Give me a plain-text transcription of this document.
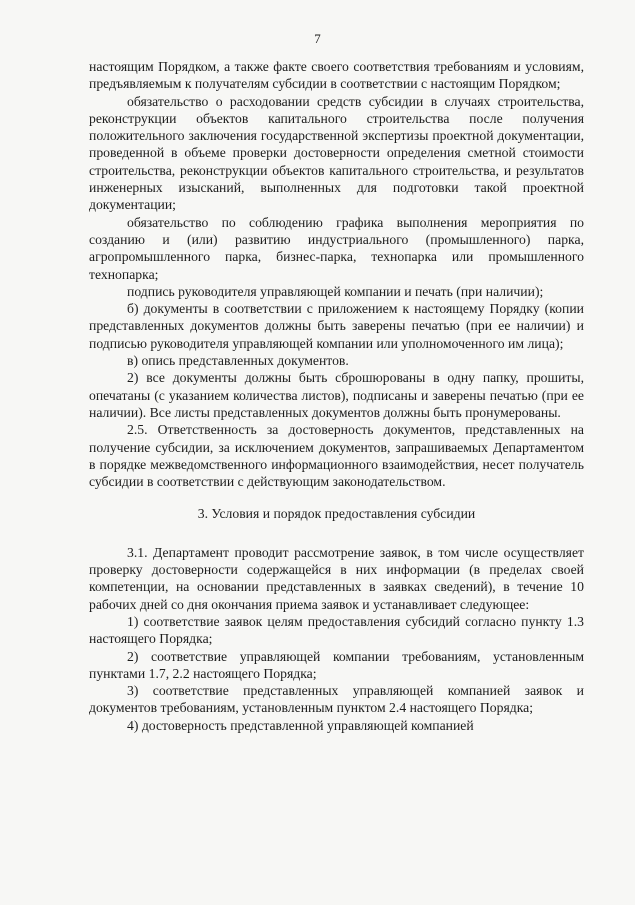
7

настоящим Порядком, а также факте своего соответствия требованиям и условиям, предъявляемым к получателям субсидии в соответствии с настоящим Порядком;

обязательство о расходовании средств субсидии в случаях строительства, реконструкции объектов капитального строительства после получения положительного заключения государственной экспертизы проектной документации, проведенной в объеме проверки достоверности определения сметной стоимости строительства, реконструкции объектов капитального строительства, и результатов инженерных изысканий, выполненных для подготовки такой проектной документации;

обязательство по соблюдению графика выполнения мероприятия по созданию и (или) развитию индустриального (промышленного) парка, агропромышленного парка, бизнес-парка, технопарка или промышленного технопарка;

подпись руководителя управляющей компании и печать (при наличии);

б) документы в соответствии с приложением к настоящему Порядку (копии представленных документов должны быть заверены печатью (при ее наличии) и подписью руководителя управляющей компании или уполномоченного им лица);

в) опись представленных документов.

2) все документы должны быть сброшюрованы в одну папку, прошиты, опечатаны (с указанием количества листов), подписаны и заверены печатью (при ее наличии). Все листы представленных документов должны быть пронумерованы.

2.5. Ответственность за достоверность документов, представленных на получение субсидии, за исключением документов, запрашиваемых Департаментом в порядке межведомственного информационного взаимодействия, несет получатель субсидии в соответствии с действующим законодательством.

3. Условия и порядок предоставления субсидии

3.1. Департамент проводит рассмотрение заявок, в том числе осуществляет проверку достоверности содержащейся в них информации (в пределах своей компетенции, на основании представленных в заявках сведений), в течение 10 рабочих дней со дня окончания приема заявок и устанавливает следующее:

1) соответствие заявок целям предоставления субсидий согласно пункту 1.3 настоящего Порядка;

2) соответствие управляющей компании требованиям, установленным пунктами 1.7, 2.2 настоящего Порядка;

3) соответствие представленных управляющей компанией заявок и документов требованиям, установленным пунктом 2.4 настоящего Порядка;

4) достоверность представленной управляющей компанией
